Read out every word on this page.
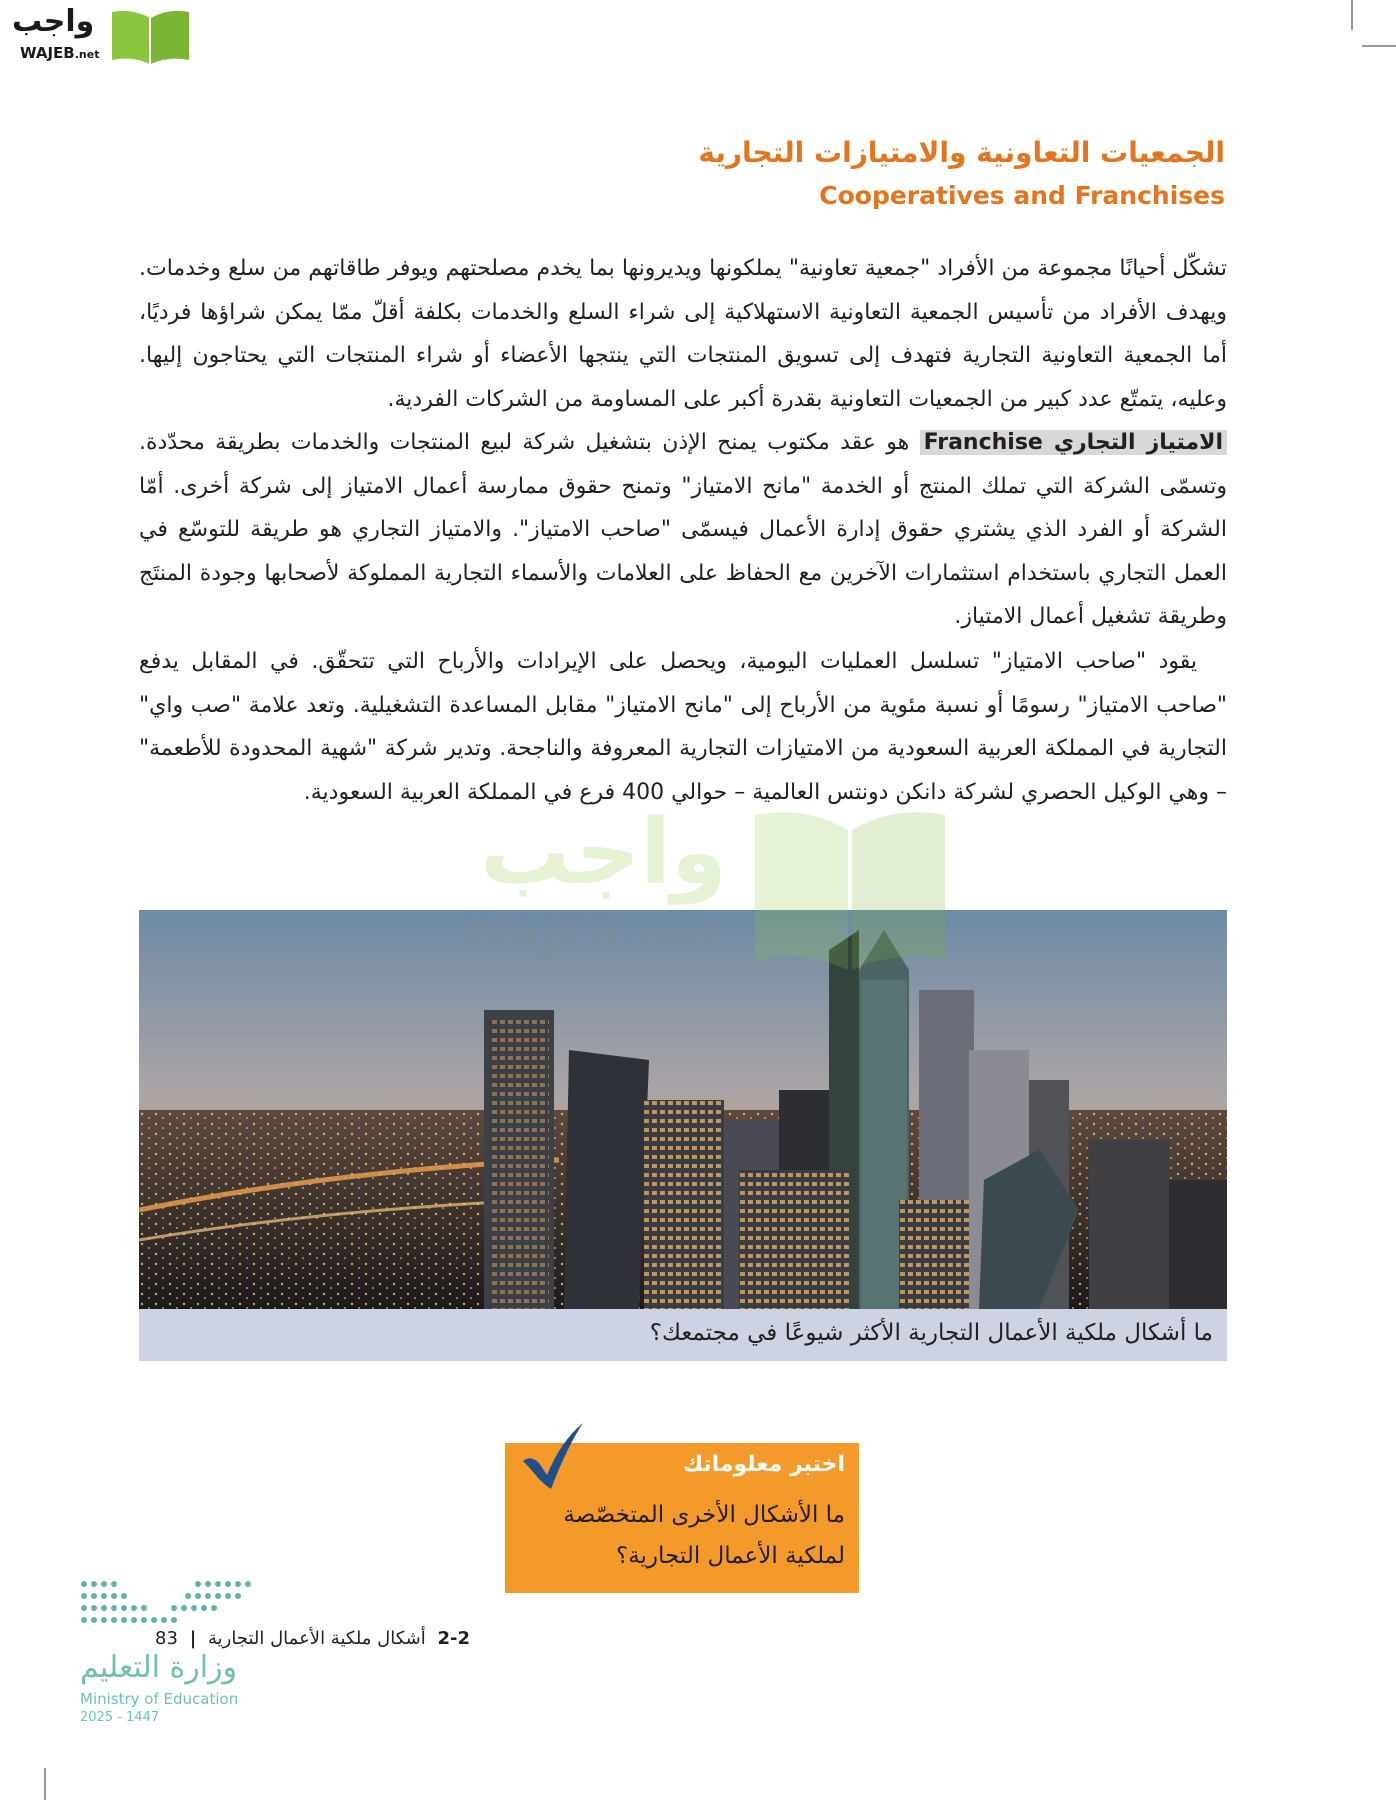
واجب
WAJEB.net
الجمعيات التعاونية والامتيازات التجارية
Cooperatives and Franchises

تشكّل أحيانًا مجموعة من الأفراد "جمعية تعاونية" يملكونها ويديرونها بما يخدم مصلحتهم ويوفر طاقاتهم من سلع وخدمات. ويهدف الأفراد من تأسيس الجمعية التعاونية الاستهلاكية إلى شراء السلع والخدمات بكلفة أقلّ ممّا يمكن شراؤها فرديًا، أما الجمعية التعاونية التجارية فتهدف إلى تسويق المنتجات التي ينتجها الأعضاء أو شراء المنتجات التي يحتاجون إليها. وعليه، يتمتّع عدد كبير من الجمعيات التعاونية بقدرة أكبر على المساومة من الشركات الفردية.

الامتياز التجاري Franchise هو عقد مكتوب يمنح الإذن بتشغيل شركة لبيع المنتجات والخدمات بطريقة محدّدة. وتسمّى الشركة التي تملك المنتج أو الخدمة "مانح الامتياز" وتمنح حقوق ممارسة أعمال الامتياز إلى شركة أخرى. أمّا الشركة أو الفرد الذي يشتري حقوق إدارة الأعمال فيسمّى "صاحب الامتياز". والامتياز التجاري هو طريقة للتوسّع في العمل التجاري باستخدام استثمارات الآخرين مع الحفاظ على العلامات والأسماء التجارية المملوكة لأصحابها وجودة المنتَج وطريقة تشغيل أعمال الامتياز.

يقود "صاحب الامتياز" تسلسل العمليات اليومية، ويحصل على الإيرادات والأرباح التي تتحقّق. في المقابل يدفع "صاحب الامتياز" رسومًا أو نسبة مئوية من الأرباح إلى "مانح الامتياز" مقابل المساعدة التشغيلية. وتعد علامة "صب واي" التجارية في المملكة العربية السعودية من الامتيازات التجارية المعروفة والناجحة. وتدير شركة "شهية المحدودة للأطعمة" – وهي الوكيل الحصري لشركة دانكن دونتس العالمية – حوالي 400 فرع في المملكة العربية السعودية.

ما أشكال ملكية الأعمال التجارية الأكثر شيوعًا في مجتمعك؟
واجب
WAJEB.net
اختبر معلوماتك
ما الأشكال الأخرى المتخصّصة لملكية الأعمال التجارية؟
وزارة التعليم
Ministry of Education
2025 - 1447
2-2 أشكال ملكية الأعمال التجارية | 83
